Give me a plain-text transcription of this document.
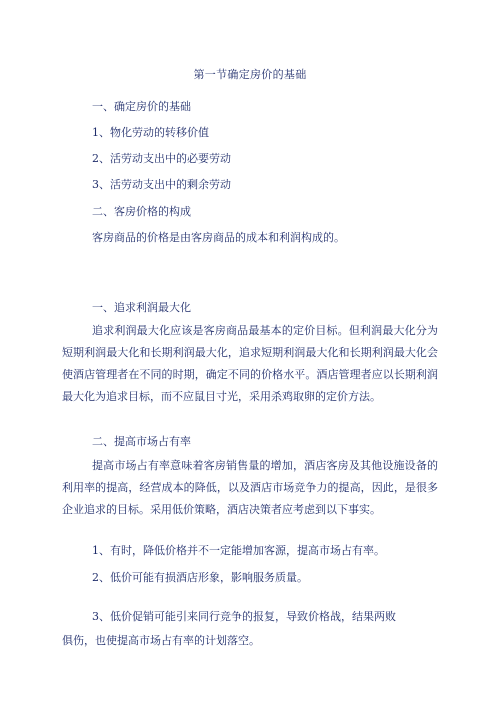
第一节确定房价的基础
一、确定房价的基础
1、物化劳动的转移价值
2、活劳动支出中的必要劳动
3、活劳动支出中的剩余劳动
二、客房价格的构成
客房商品的价格是由客房商品的成本和利润构成的。
一、追求利润最大化

追求利润最大化应该是客房商品最基本的定价目标。但利润最大化分为短期利润最大化和长期利润最大化，追求短期利润最大化和长期利润最大化会使酒店管理者在不同的时期，确定不同的价格水平。酒店管理者应以长期利润最大化为追求目标，而不应鼠目寸光，采用杀鸡取卵的定价方法。

二、提高市场占有率

提高市场占有率意味着客房销售量的增加，酒店客房及其他设施设备的利用率的提高，经营成本的降低，以及酒店市场竞争力的提高，因此，是很多企业追求的目标。采用低价策略，酒店决策者应考虑到以下事实。

1、有时，降低价格并不一定能增加客源，提高市场占有率。
2、低价可能有损酒店形象，影响服务质量。
3、低价促销可能引来同行竞争的报复，导致价格战，结果两败
俱伤，也使提高市场占有率的计划落空。
